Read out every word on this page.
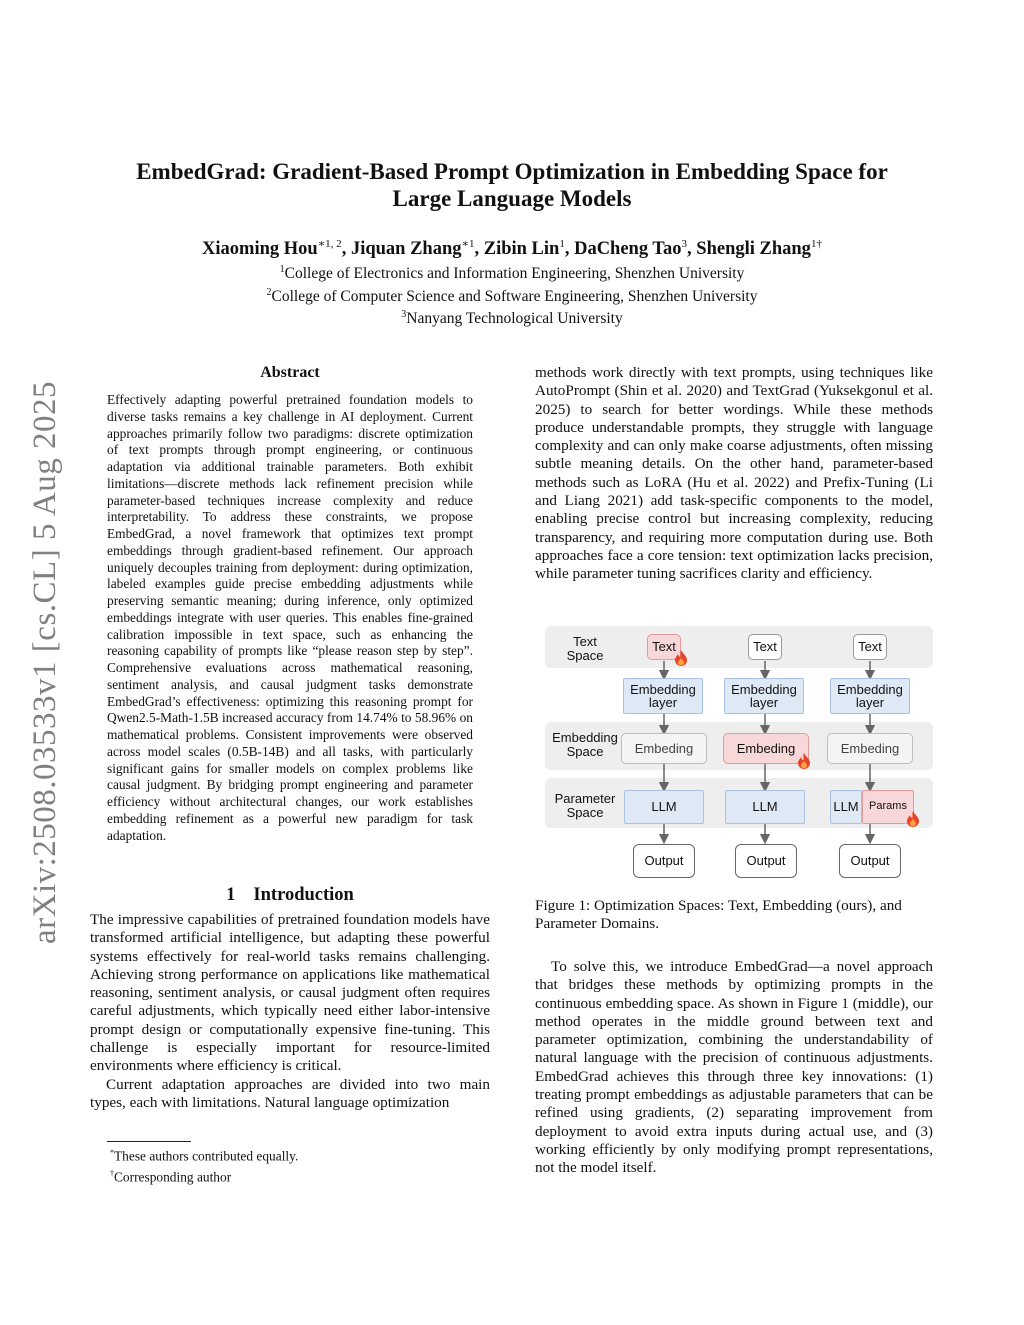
arXiv:2508.03533v1 [cs.CL] 5 Aug 2025
EmbedGrad: Gradient-Based Prompt Optimization in Embedding Space for
Large Language Models
Xiaoming Hou$^{∗1, 2}$, Jiquan Zhang$^{∗1}$, Zibin Lin$^1$, DaCheng Tao$^3$, Shengli Zhang$^{1\dagger}$
$^1$College of Electronics and Information Engineering, Shenzhen University
$^2$College of Computer Science and Software Engineering, Shenzhen University
$^3$Nanyang Technological University
Abstract
Effectively adapting powerful pretrained foundation models to diverse tasks remains a key challenge in AI deployment. Current approaches primarily follow two paradigms: discrete optimization of text prompts through prompt engineering, or continuous adaptation via additional trainable parameters. Both exhibit limitations—discrete methods lack refinement precision while parameter-based techniques increase complexity and reduce interpretability. To address these constraints, we propose EmbedGrad, a novel framework that optimizes text prompt embeddings through gradient-based refinement. Our approach uniquely decouples training from deployment: during optimization, labeled examples guide precise embedding adjustments while preserving semantic meaning; during inference, only optimized embeddings integrate with user queries. This enables fine-grained calibration impossible in text space, such as enhancing the reasoning capability of prompts like “please reason step by step”. Comprehensive evaluations across mathematical reasoning, sentiment analysis, and causal judgment tasks demonstrate EmbedGrad’s effectiveness: optimizing this reasoning prompt for Qwen2.5-Math-1.5B increased accuracy from 14.74% to 58.96% on mathematical problems. Consistent improvements were observed across model scales (0.5B-14B) and all tasks, with particularly significant gains for smaller models on complex problems like causal judgment. By bridging prompt engineering and parameter efficiency without architectural changes, our work establishes embedding refinement as a powerful new paradigm for task adaptation.
1 Introduction

The impressive capabilities of pretrained foundation models have transformed artificial intelligence, but adapting these powerful systems effectively for real-world tasks remains challenging. Achieving strong performance on applications like mathematical reasoning, sentiment analysis, or causal judgment often requires careful adjustments, which typically need either labor-intensive prompt design or computationally expensive fine-tuning. This challenge is especially important for resource-limited environments where efficiency is critical.

Current adaptation approaches are divided into two main types, each with limitations. Natural language optimization

*These authors contributed equally.
†Corresponding author
methods work directly with text prompts, using techniques like AutoPrompt (Shin et al. 2020) and TextGrad (Yuksekgonul et al. 2025) to search for better wordings. While these methods produce understandable prompts, they struggle with language complexity and can only make coarse adjustments, often missing subtle meaning details. On the other hand, parameter-based methods such as LoRA (Hu et al. 2022) and Prefix-Tuning (Li and Liang 2021) add task-specific components to the model, enabling precise control but increasing complexity, reducing transparency, and requiring more computation during use. Both approaches face a core tension: text optimization lacks precision, while parameter tuning sacrifices clarity and efficiency.
Text Space
Embedding Space
Parameter Space
Text
Embedding layer
Embeding
LLM
Output
Text
Embedding layer
Embeding
LLM
Output
Text
Embedding layer
Embeding
LLM Params
Output
Figure 1: Optimization Spaces: Text, Embedding (ours), and Parameter Domains.
To solve this, we introduce EmbedGrad—a novel approach that bridges these methods by optimizing prompts in the continuous embedding space. As shown in Figure 1 (middle), our method operates in the middle ground between text and parameter optimization, combining the understandability of natural language with the precision of continuous adjustments. EmbedGrad achieves this through three key innovations: (1) treating prompt embeddings as adjustable parameters that can be refined using gradients, (2) separating improvement from deployment to avoid extra inputs during actual use, and (3) working efficiently by only modifying prompt representations, not the model itself.
